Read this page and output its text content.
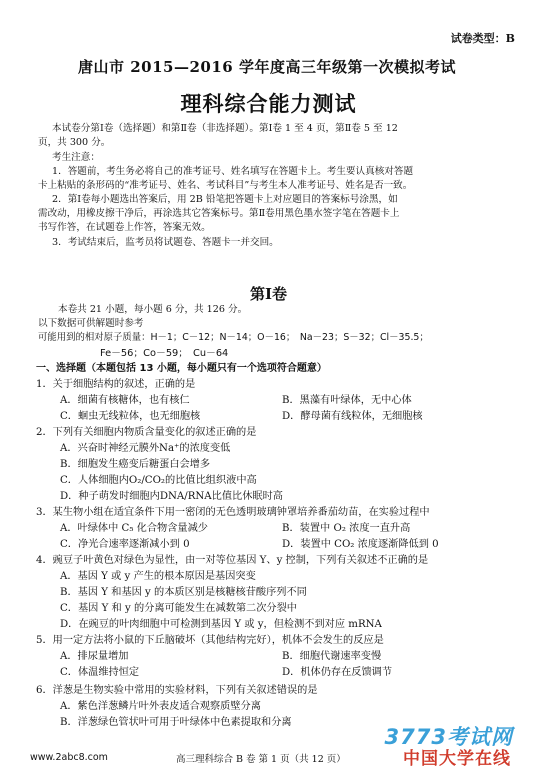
试卷类型：B
唐山市 2015—2016 学年度高三年级第一次模拟考试
理科综合能力测试
本试卷分第Ⅰ卷（选择题）和第Ⅱ卷（非选择题）。第Ⅰ卷 1 至 4 页，第Ⅱ卷 5 至 12
页，共 300 分。
考生注意：
1．答题前，考生务必将自己的准考证号、姓名填写在答题卡上。考生要认真核对答题
卡上粘贴的条形码的“准考证号、姓名、考试科目”与考生本人准考证号、姓名是否一致。
2．第Ⅰ卷每小题选出答案后，用 2B 铅笔把答题卡上对应题目的答案标号涂黑，如
需改动，用橡皮擦干净后，再涂选其它答案标号。第Ⅱ卷用黑色墨水签字笔在答题卡上
书写作答，在试题卷上作答，答案无效。
3．考试结束后，监考员将试题卷、答题卡一并交回。
第Ⅰ卷
本卷共 21 小题，每小题 6 分，共 126 分。
以下数据可供解题时参考
可能用到的相对原子质量：H－1；C－12；N－14；O－16；　Na－23；S－32；Cl－35.5；
Fe－56；Co－59；　Cu－64
一、选择题（本题包括 13 小题，每小题只有一个选项符合题意）
1．关于细胞结构的叙述，正确的是
A．细菌有核糖体，也有核仁	B．黑藻有叶绿体，无中心体
C．蛔虫无线粒体，也无细胞核	D．酵母菌有线粒体，无细胞核
2．下列有关细胞内物质含量变化的叙述正确的是
A．兴奋时神经元膜外Na⁺的浓度变低
B．细胞发生癌变后糖蛋白会增多
C．人体细胞内O₂/CO₂的比值比组织液中高
D．种子萌发时细胞内DNA/RNA比值比休眠时高
3．某生物小组在适宜条件下用一密闭的无色透明玻璃钟罩培养番茄幼苗，在实验过程中
A．叶绿体中 C₅ 化合物含量减少	B．装置中 O₂ 浓度一直升高
C．净光合速率逐渐减小到 0	D．装置中 CO₂ 浓度逐渐降低到 0
4．豌豆子叶黄色对绿色为显性，由一对等位基因 Y、y 控制，下列有关叙述不正确的是
A．基因 Y 或 y 产生的根本原因是基因突变
B．基因 Y 和基因 y 的本质区别是核糖核苷酸序列不同
C．基因 Y 和 y 的分离可能发生在减数第二次分裂中
D．在豌豆的叶肉细胞中可检测到基因 Y 或 y，但检测不到对应 mRNA
5．用一定方法将小鼠的下丘脑破坏（其他结构完好），机体不会发生的反应是
A．排尿量增加	B．细胞代谢速率变慢
C．体温维持恒定	D．机体仍存在反馈调节
6．洋葱是生物实验中常用的实验材料，下列有关叙述错误的是
A．紫色洋葱鳞片叶外表皮适合观察质壁分离
B．洋葱绿色管状叶可用于叶绿体中色素提取和分离
www.2abc8.com	高三理科综合 B 卷 第 1 页（共 12 页）
3773考试网
中国大学在线
